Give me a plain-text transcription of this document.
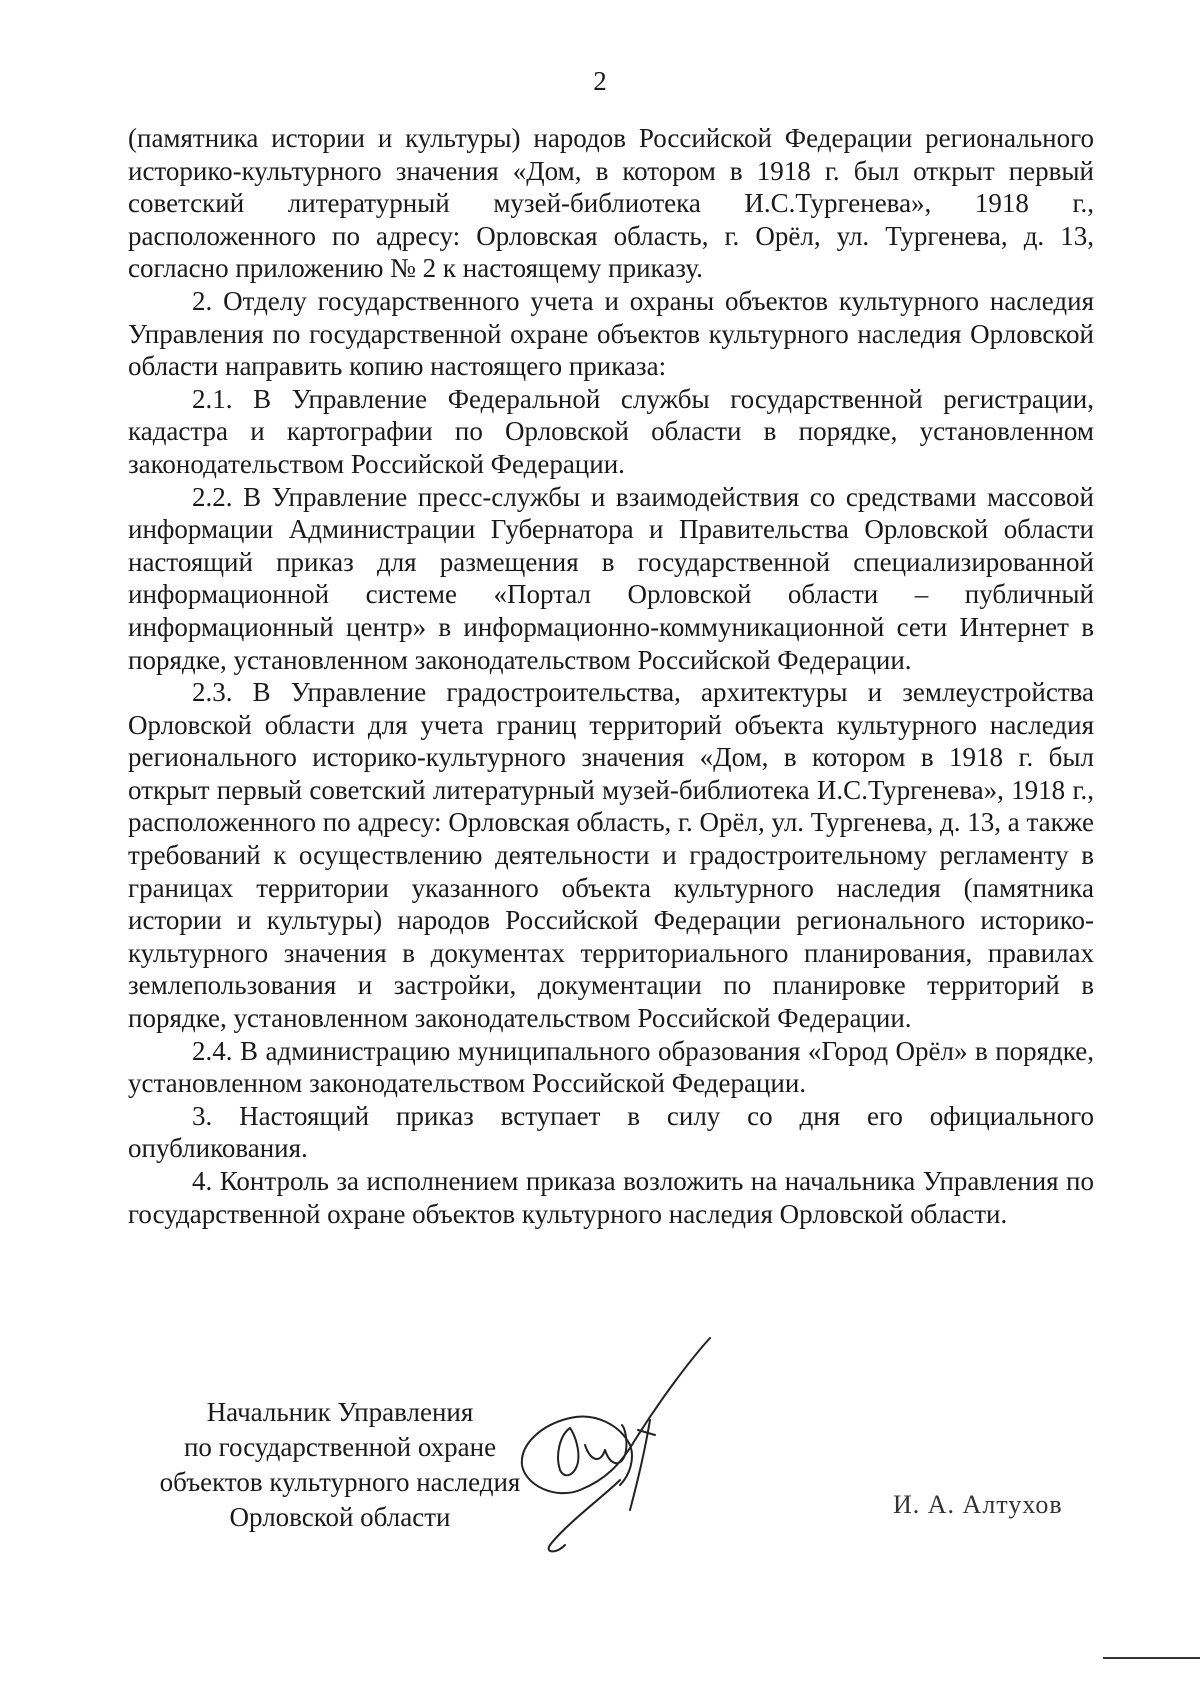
2

(памятника истории и культуры) народов Российской Федерации регионального историко-культурного значения «Дом, в котором в 1918 г. был открыт первый советский литературный музей-библиотека И.С.Тургенева», 1918 г., расположенного по адресу: Орловская область, г. Орёл, ул. Тургенева, д. 13, согласно приложению № 2 к настоящему приказу.

2. Отделу государственного учета и охраны объектов культурного наследия Управления по государственной охране объектов культурного наследия Орловской области направить копию настоящего приказа:

2.1. В Управление Федеральной службы государственной регистрации, кадастра и картографии по Орловской области в порядке, установленном законодательством Российской Федерации.

2.2. В Управление пресс-службы и взаимодействия со средствами массовой информации Администрации Губернатора и Правительства Орловской области настоящий приказ для размещения в государственной специализированной информационной системе «Портал Орловской области – публичный информационный центр» в информационно-коммуникационной сети Интернет в порядке, установленном законодательством Российской Федерации.

2.3. В Управление градостроительства, архитектуры и землеустройства Орловской области для учета границ территорий объекта культурного наследия регионального историко-культурного значения «Дом, в котором в 1918 г. был открыт первый советский литературный музей-библиотека И.С.Тургенева», 1918 г., расположенного по адресу: Орловская область, г. Орёл, ул. Тургенева, д. 13, а также требований к осуществлению деятельности и градостроительному регламенту в границах территории указанного объекта культурного наследия (памятника истории и культуры) народов Российской Федерации регионального историко-культурного значения в документах территориального планирования, правилах землепользования и застройки, документации по планировке территорий в порядке, установленном законодательством Российской Федерации.

2.4. В администрацию муниципального образования «Город Орёл» в порядке, установленном законодательством Российской Федерации.

3. Настоящий приказ вступает в силу со дня его официального опубликования.

4. Контроль за исполнением приказа возложить на начальника Управления по государственной охране объектов культурного наследия Орловской области.

Начальник Управления
по государственной охране
объектов культурного наследия
Орловской области	И. А. Алтухов
